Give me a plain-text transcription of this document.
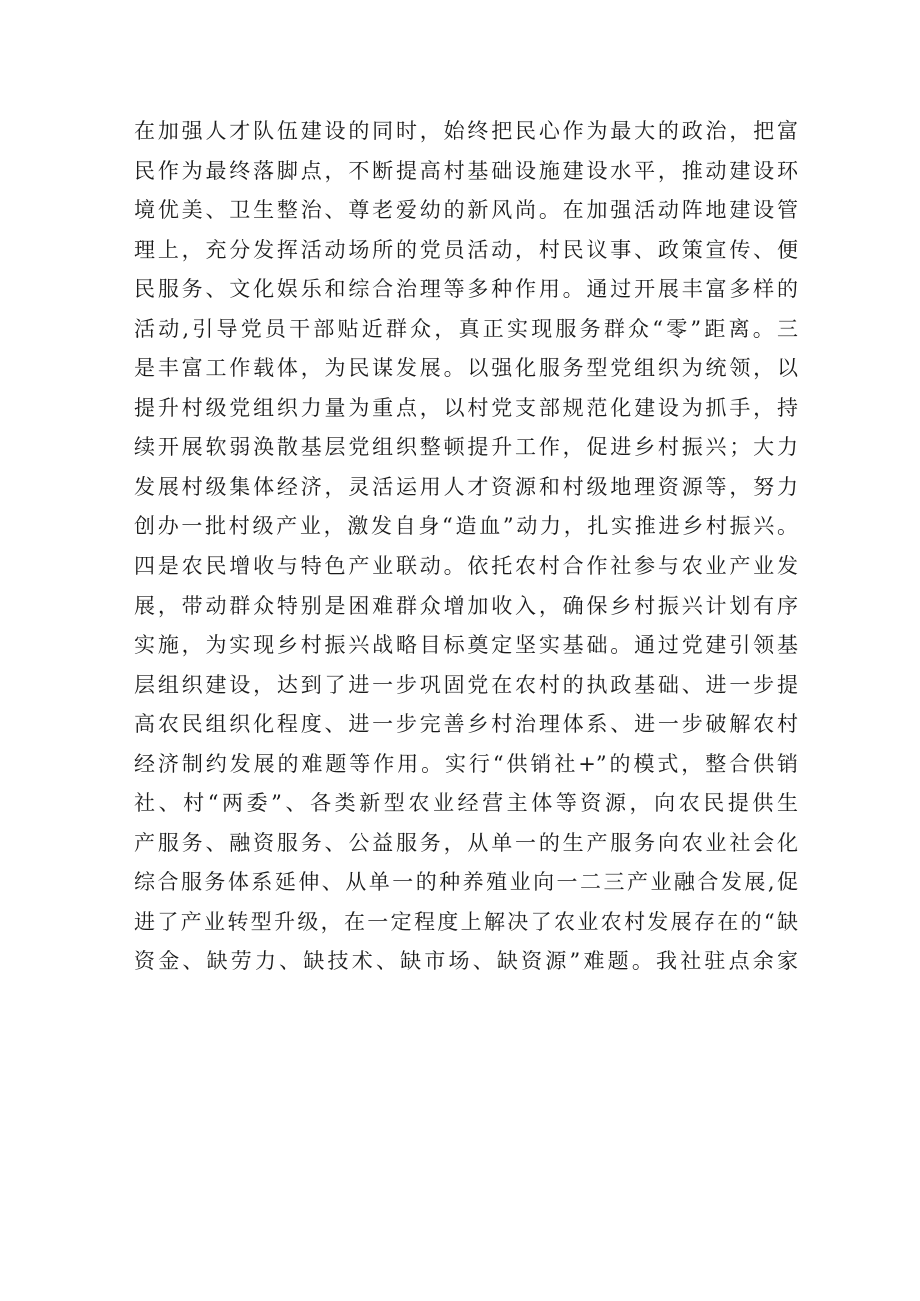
在加强人才队伍建设的同时，始终把民心作为最大的政治，把富
民作为最终落脚点，不断提高村基础设施建设水平，推动建设环
境优美、卫生整治、尊老爱幼的新风尚。在加强活动阵地建设管
理上，充分发挥活动场所的党员活动，村民议事、政策宣传、便
民服务、文化娱乐和综合治理等多种作用。通过开展丰富多样的
活动,引导党员干部贴近群众，真正实现服务群众“零”距离。三
是丰富工作载体，为民谋发展。以强化服务型党组织为统领，以
提升村级党组织力量为重点，以村党支部规范化建设为抓手，持
续开展软弱涣散基层党组织整顿提升工作，促进乡村振兴；大力
发展村级集体经济，灵活运用人才资源和村级地理资源等，努力
创办一批村级产业，激发自身“造血”动力，扎实推进乡村振兴。
四是农民增收与特色产业联动。依托农村合作社参与农业产业发
展，带动群众特别是困难群众增加收入，确保乡村振兴计划有序
实施，为实现乡村振兴战略目标奠定坚实基础。通过党建引领基
层组织建设，达到了进一步巩固党在农村的执政基础、进一步提
高农民组织化程度、进一步完善乡村治理体系、进一步破解农村
经济制约发展的难题等作用。实行“供销社+”的模式，整合供销
社、村“两委”、各类新型农业经营主体等资源，向农民提供生
产服务、融资服务、公益服务，从单一的生产服务向农业社会化
综合服务体系延伸、从单一的种养殖业向一二三产业融合发展,促
进了产业转型升级，在一定程度上解决了农业农村发展存在的“缺
资金、缺劳力、缺技术、缺市场、缺资源”难题。我社驻点余家
